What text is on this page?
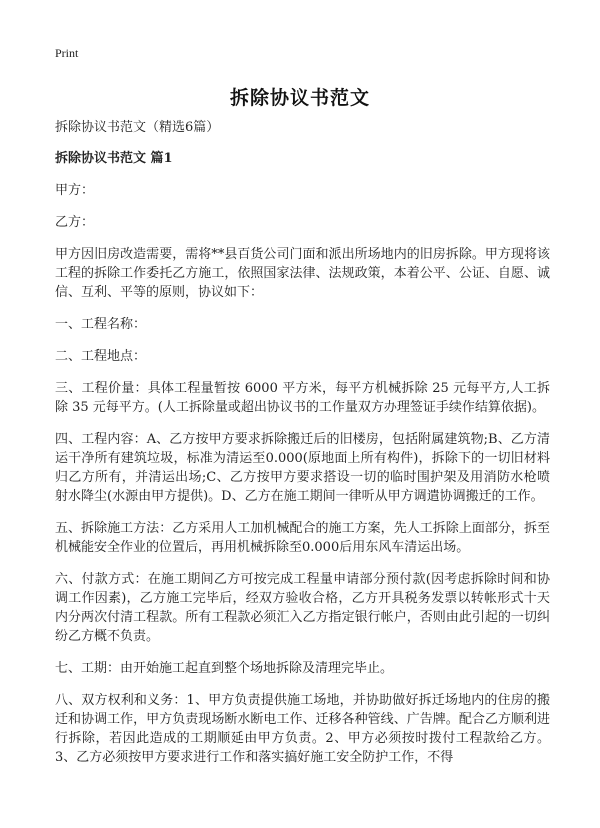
Print
拆除协议书范文

拆除协议书范文（精选6篇）

拆除协议书范文 篇1

甲方：

乙方：

甲方因旧房改造需要，需将**县百货公司门面和派出所场地内的旧房拆除。甲方现将该工程的拆除工作委托乙方施工，依照国家法律、法规政策，本着公平、公证、自愿、诚信、互利、平等的原则，协议如下：

一、工程名称：

二、工程地点：

三、工程价量：具体工程量暂按 6000 平方米，每平方机械拆除 25 元每平方,人工拆除 35 元每平方。(人工拆除量或超出协议书的工作量双方办理签证手续作结算依据)。

四、工程内容：A、乙方按甲方要求拆除搬迁后的旧楼房，包括附属建筑物;B、乙方清运干净所有建筑垃圾，标准为清运至0.000(原地面上所有构件)，拆除下的一切旧材料归乙方所有，并清运出场;C、乙方按甲方要求搭设一切的临时围护架及用消防水枪喷射水降尘(水源由甲方提供)。D、乙方在施工期间一律听从甲方调遣协调搬迁的工作。

五、拆除施工方法：乙方采用人工加机械配合的施工方案，先人工拆除上面部分，拆至机械能安全作业的位置后，再用机械拆除至0.000后用东风车清运出场。

六、付款方式：在施工期间乙方可按完成工程量申请部分预付款(因考虑拆除时间和协调工作因素)，乙方施工完毕后，经双方验收合格，乙方开具税务发票以转帐形式十天内分两次付清工程款。所有工程款必须汇入乙方指定银行帐户，否则由此引起的一切纠纷乙方概不负责。

七、工期：由开始施工起直到整个场地拆除及清理完毕止。

八、双方权利和义务：1、甲方负责提供施工场地，并协助做好拆迁场地内的住房的搬迁和协调工作，甲方负责现场断水断电工作、迁移各种管线、广告牌。配合乙方顺利进行拆除，若因此造成的工期顺延由甲方负责。2、甲方必须按时拨付工程款给乙方。3、乙方必须按甲方要求进行工作和落实搞好施工安全防护工作，不得
